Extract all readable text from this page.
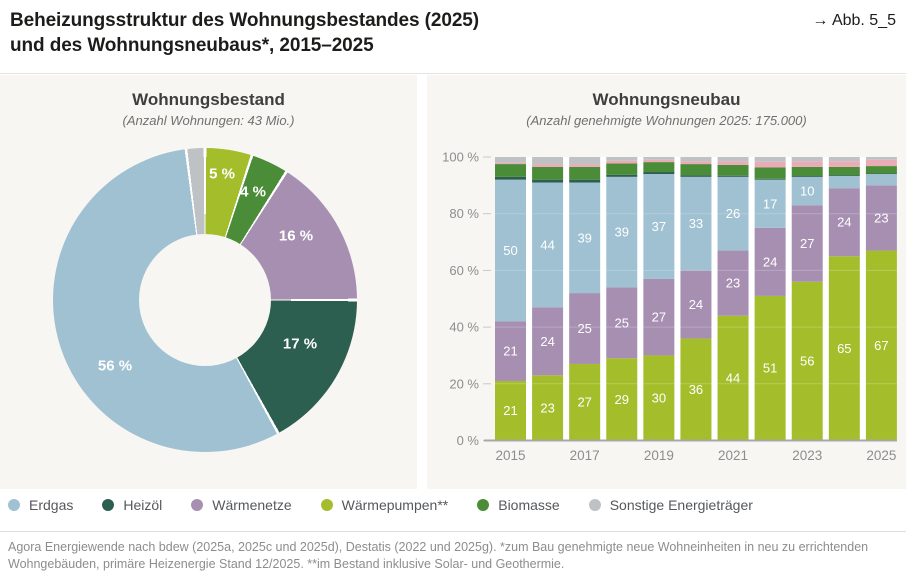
Beheizungsstruktur des Wohnungsbestandes (2025)
und des Wohnungsneubaus*, 2015–2025
→ Abb. 5_5

Wohnungsbestand

(Anzahl Wohnungen: 43 Mio.)

5 %
4 %
16 %
17 %
56 %

Wohnungsneubau

(Anzahl genehmigte Wohnungen 2025: 175.000)

0 %
20 %
40 %
60 %
80 %
100 %
21
21
50
23
24
44
27
25
39
29
25
39
30
27
37
36
24
33
44
23
26
51
24
17
56
27
10
65
24
67
23
2015	2017	2019	2021	2023	2025
Erdgas	Heizöl	Wärmenetze	Wärmepumpen**	Biomasse	Sonstige Energieträger
Agora Energiewende nach bdew (2025a, 2025c und 2025d), Destatis (2022 und 2025g). *zum Bau genehmigte neue Wohneinheiten in neu zu errichtenden Wohngebäuden, primäre Heizenergie Stand 12/2025. **im Bestand inklusive Solar- und Geothermie.
